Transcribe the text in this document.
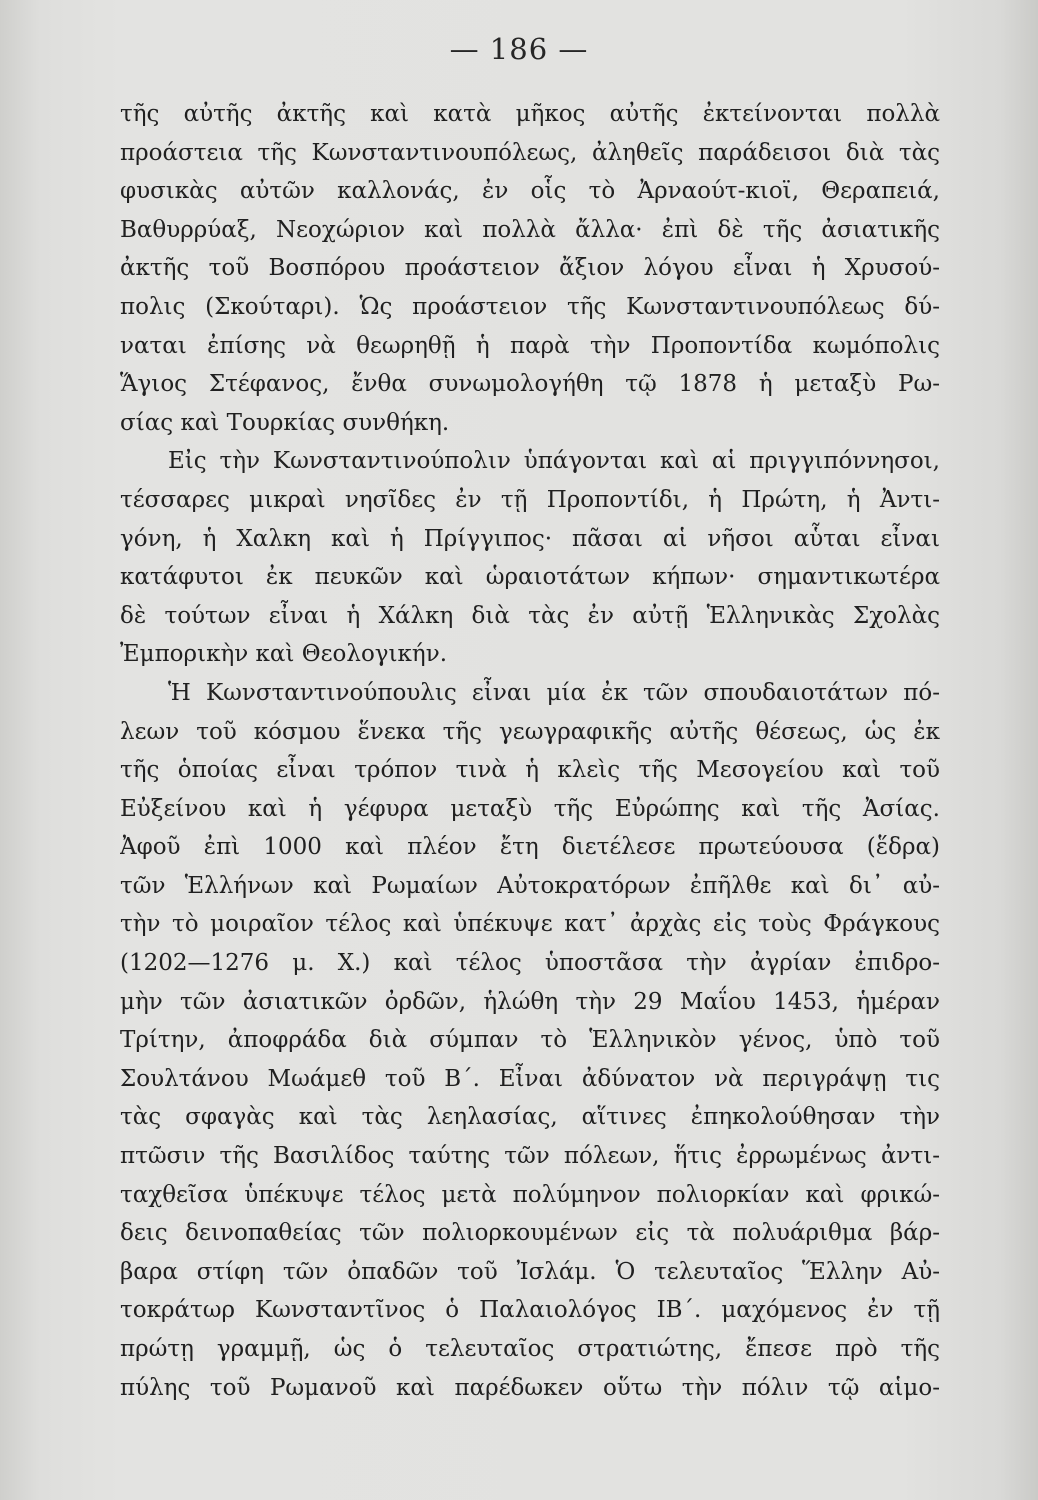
— 186 —
τῆς αὐτῆς ἀκτῆς καὶ κατὰ μῆκος αὐτῆς ἐκτείνονται πολλὰ
προάστεια τῆς Κωνσταντινουπόλεως, ἀληθεῖς παράδεισοι διὰ τὰς
φυσικὰς αὐτῶν καλλονάς, ἐν οἷς τὸ Ἀρναούτ-κιοϊ, Θεραπειά,
Βαθυρρύαξ, Νεοχώριον καὶ πολλὰ ἄλλα· ἐπὶ δὲ τῆς ἀσιατικῆς
ἀκτῆς τοῦ Βοσπόρου προάστειον ἄξιον λόγου εἶναι ἡ Χρυσού-
πολις (Σκούταρι). Ὡς προάστειον τῆς Κωνσταντινουπόλεως δύ-
ναται ἐπίσης νὰ θεωρηθῇ ἡ παρὰ τὴν Προποντίδα κωμόπολις
Ἅγιος Στέφανος, ἔνθα συνωμολογήθη τῷ 1878 ἡ μεταξὺ Ρω-
σίας καὶ Τουρκίας συνθήκη.
Εἰς τὴν Κωνσταντινούπολιν ὑπάγονται καὶ αἱ πριγγιπόννησοι,
τέσσαρες μικραὶ νησῖδες ἐν τῇ Προποντίδι, ἡ Πρώτη, ἡ Ἀντι-
γόνη, ἡ Χαλκη καὶ ἡ Πρίγγιπος· πᾶσαι αἱ νῆσοι αὗται εἶναι
κατάφυτοι ἐκ πευκῶν καὶ ὡραιοτάτων κήπων· σημαντικωτέρα
δὲ τούτων εἶναι ἡ Χάλκη διὰ τὰς ἐν αὐτῇ Ἑλληνικὰς Σχολὰς
Ἐμπορικὴν καὶ Θεολογικήν.
Ἡ Κωνσταντινούπουλις εἶναι μία ἐκ τῶν σπουδαιοτάτων πό-
λεων τοῦ κόσμου ἕνεκα τῆς γεωγραφικῆς αὐτῆς θέσεως, ὡς ἐκ
τῆς ὁποίας εἶναι τρόπον τινὰ ἡ κλεὶς τῆς Μεσογείου καὶ τοῦ
Εὐξείνου καὶ ἡ γέφυρα μεταξὺ τῆς Εὐρώπης καὶ τῆς Ἀσίας.
Ἀφοῦ ἐπὶ 1000 καὶ πλέον ἔτη διετέλεσε πρωτεύουσα (ἕδρα)
τῶν Ἑλλήνων καὶ Ρωμαίων Αὐτοκρατόρων ἐπῆλθε καὶ δι᾽ αὐ-
τὴν τὸ μοιραῖον τέλος καὶ ὑπέκυψε κατ᾽ ἀρχὰς εἰς τοὺς Φράγκους
(1202—1276 μ. Χ.) καὶ τέλος ὑποστᾶσα τὴν ἀγρίαν ἐπιδρο-
μὴν τῶν ἀσιατικῶν ὀρδῶν, ἡλώθη τὴν 29 Μαΐου 1453, ἡμέραν
Τρίτην, ἀποφράδα διὰ σύμπαν τὸ Ἑλληνικὸν γένος, ὑπὸ τοῦ
Σουλτάνου Μωάμεθ τοῦ Β΄. Εἶναι ἀδύνατον νὰ περιγράψῃ τις
τὰς σφαγὰς καὶ τὰς λεηλασίας, αἵτινες ἐπηκολούθησαν τὴν
πτῶσιν τῆς Βασιλίδος ταύτης τῶν πόλεων, ἥτις ἐρρωμένως ἀντι-
ταχθεῖσα ὑπέκυψε τέλος μετὰ πολύμηνον πολιορκίαν καὶ φρικώ-
δεις δεινοπαθείας τῶν πολιορκουμένων εἰς τὰ πολυάριθμα βάρ-
βαρα στίφη τῶν ὀπαδῶν τοῦ Ἰσλάμ. Ὁ τελευταῖος Ἕλλην Αὐ-
τοκράτωρ Κωνσταντῖνος ὁ Παλαιολόγος ΙΒ΄. μαχόμενος ἐν τῇ
πρώτῃ γραμμῇ, ὡς ὁ τελευταῖος στρατιώτης, ἔπεσε πρὸ τῆς
πύλης τοῦ Ρωμανοῦ καὶ παρέδωκεν οὕτω τὴν πόλιν τῷ αἱμο-
